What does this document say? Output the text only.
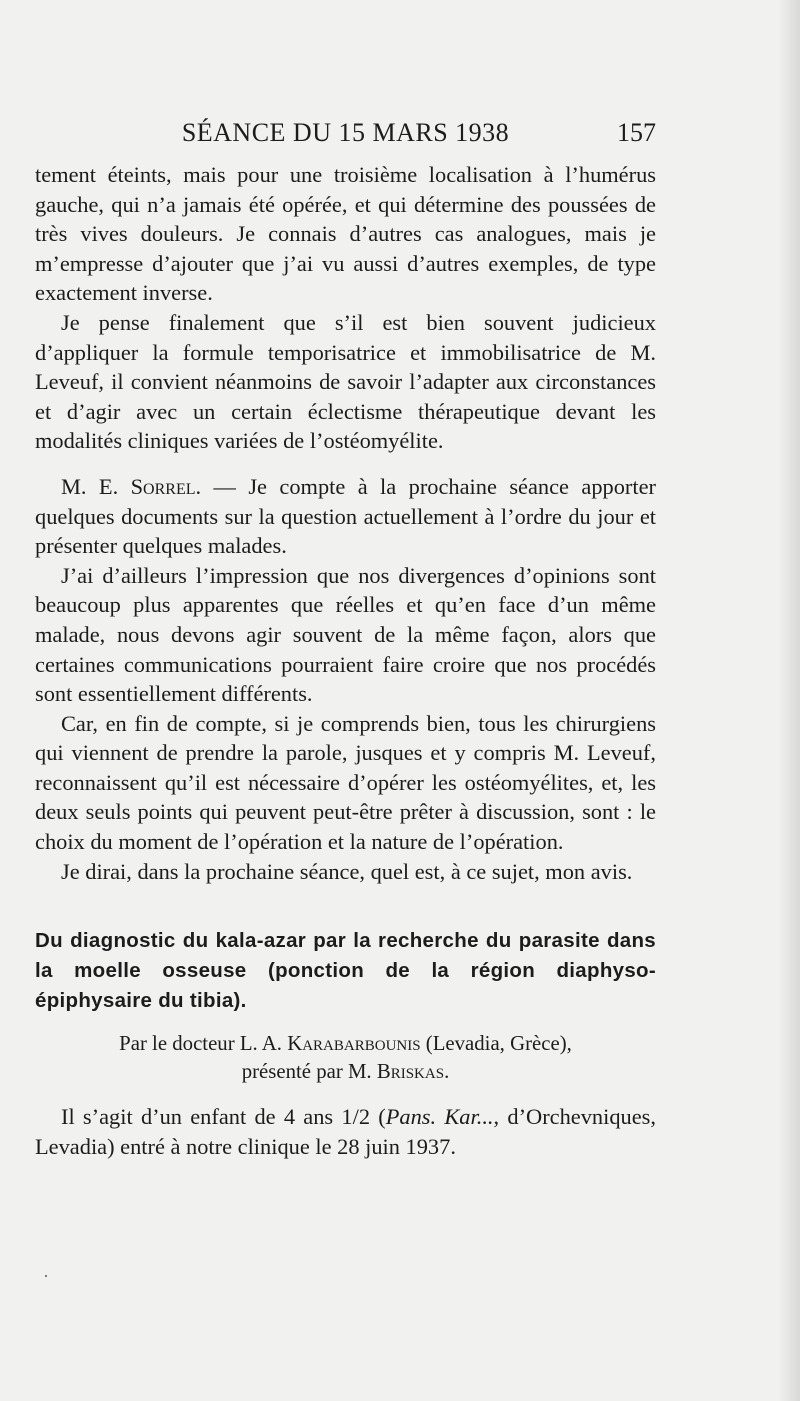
SÉANCE DU 15 MARS 1938	157

tement éteints, mais pour une troisième localisation à l’humérus gauche, qui n’a jamais été opérée, et qui détermine des poussées de très vives douleurs. Je connais d’autres cas analogues, mais je m’empresse d’ajouter que j’ai vu aussi d’autres exemples, de type exactement inverse.

Je pense finalement que s’il est bien souvent judicieux d’appliquer la formule temporisatrice et immobilisatrice de M. Leveuf, il convient néanmoins de savoir l’adapter aux circonstances et d’agir avec un certain éclectisme thérapeutique devant les modalités cliniques variées de l’ostéomyélite.

M. E. Sorrel. — Je compte à la prochaine séance apporter quelques documents sur la question actuellement à l’ordre du jour et présenter quelques malades.

J’ai d’ailleurs l’impression que nos divergences d’opinions sont beaucoup plus apparentes que réelles et qu’en face d’un même malade, nous devons agir souvent de la même façon, alors que certaines communications pourraient faire croire que nos procédés sont essentiellement différents.

Car, en fin de compte, si je comprends bien, tous les chirurgiens qui viennent de prendre la parole, jusques et y compris M. Leveuf, reconnaissent qu’il est nécessaire d’opérer les ostéomyélites, et, les deux seuls points qui peuvent peut-être prêter à discussion, sont : le choix du moment de l’opération et la nature de l’opération.

Je dirai, dans la prochaine séance, quel est, à ce sujet, mon avis.

Du diagnostic du kala-azar par la recherche du parasite dans la moelle osseuse (ponction de la région diaphyso-épiphysaire du tibia).
Par le docteur L. A. Karabarbounis (Levadia, Grèce),
présenté par M. Briskas.

Il s’agit d’un enfant de 4 ans 1/2 (Pans. Kar..., d’Orchevniques, Levadia) entré à notre clinique le 28 juin 1937.
